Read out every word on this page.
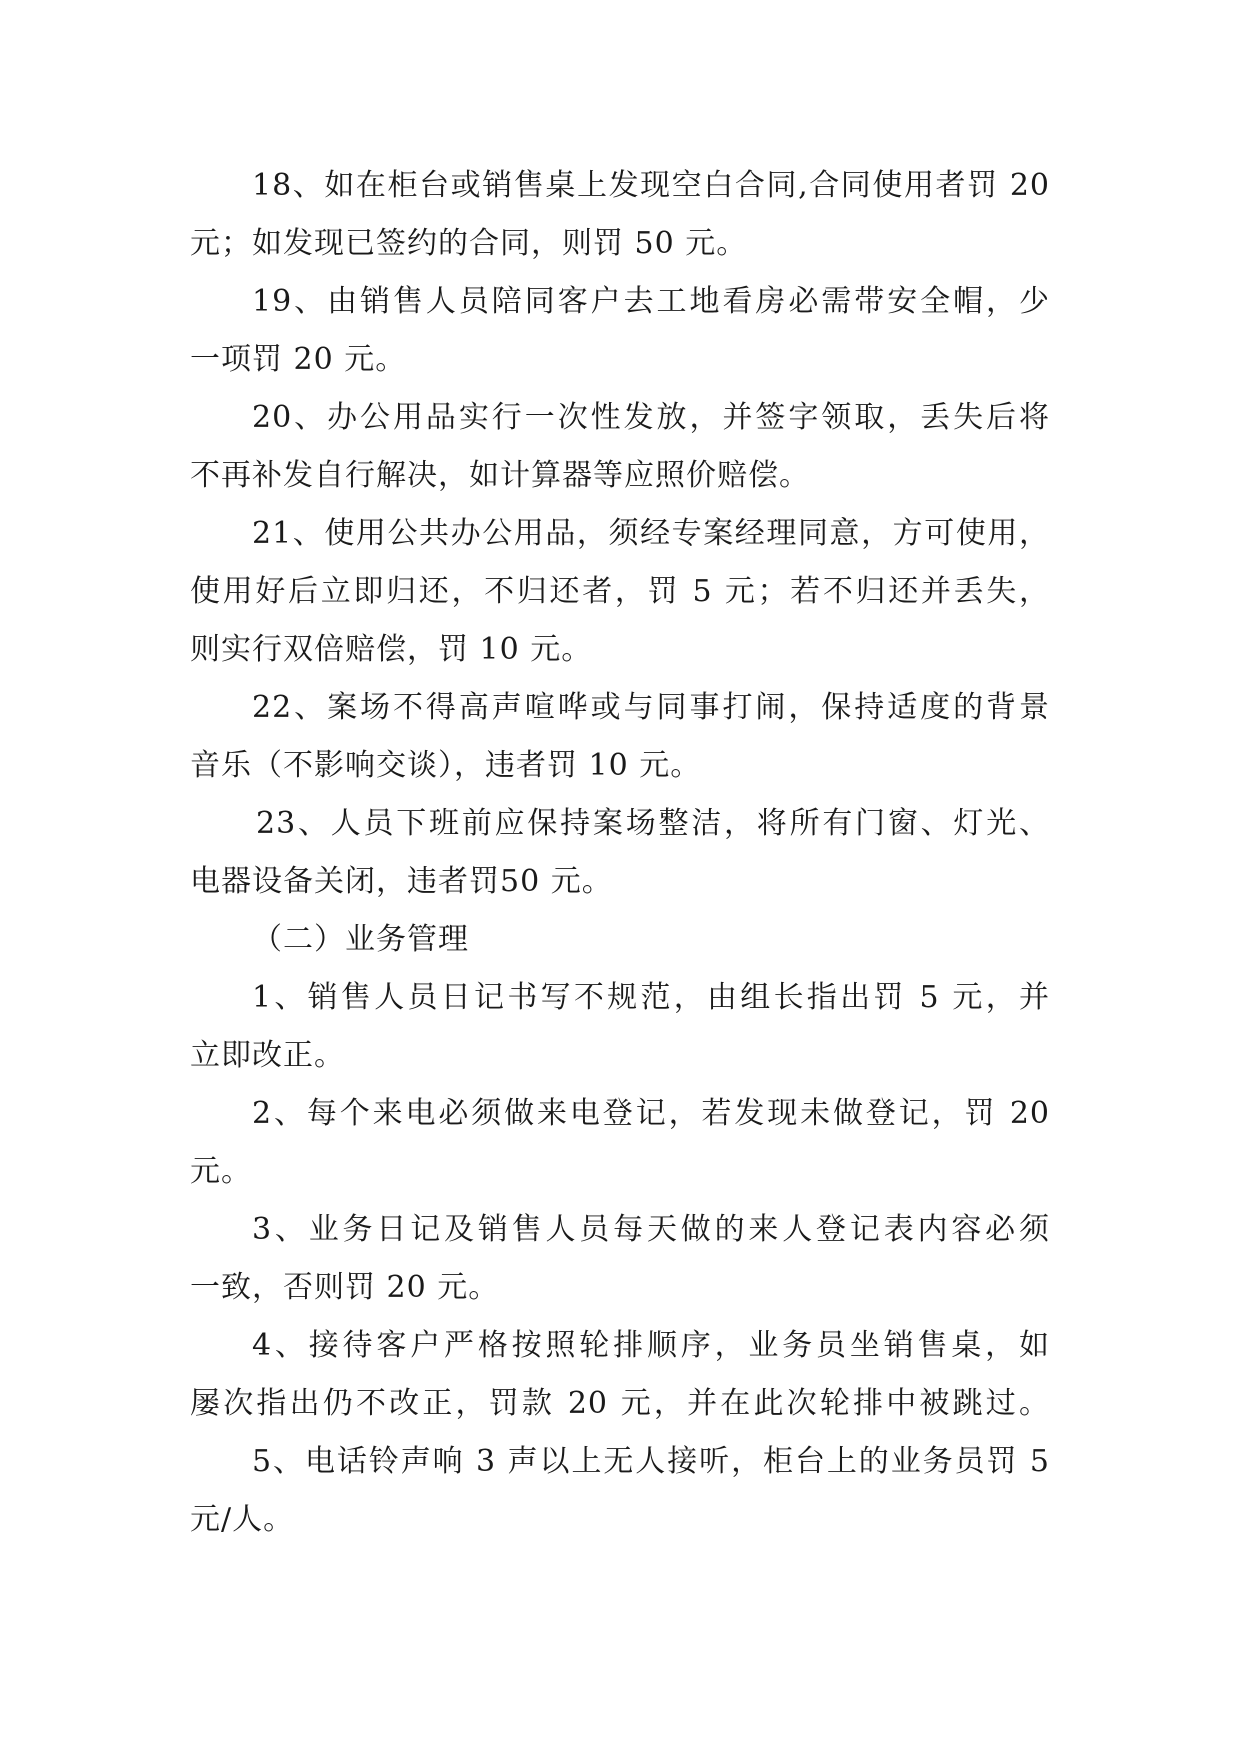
18、如在柜台或销售桌上发现空白合同,合同使用者罚 20
元；如发现已签约的合同，则罚 50 元。
19、由销售人员陪同客户去工地看房必需带安全帽，少
一项罚 20 元。
20、办公用品实行一次性发放，并签字领取，丢失后将
不再补发自行解决，如计算器等应照价赔偿。
21、使用公共办公用品，须经专案经理同意，方可使用，
使用好后立即归还，不归还者，罚 5 元；若不归还并丢失，
则实行双倍赔偿，罚 10 元。
22、案场不得高声喧哗或与同事打闹，保持适度的背景
音乐（不影响交谈），违者罚 10 元。
23、人员下班前应保持案场整洁，将所有门窗、灯光、
电器设备关闭，违者罚50 元。
（二）业务管理
1、销售人员日记书写不规范，由组长指出罚 5 元，并
立即改正。
2、每个来电必须做来电登记，若发现未做登记，罚 20
元。
3、业务日记及销售人员每天做的来人登记表内容必须
一致，否则罚 20 元。
4、接待客户严格按照轮排顺序，业务员坐销售桌，如
屡次指出仍不改正，罚款 20 元，并在此次轮排中被跳过。
5、电话铃声响 3 声以上无人接听，柜台上的业务员罚 5
元/人。
